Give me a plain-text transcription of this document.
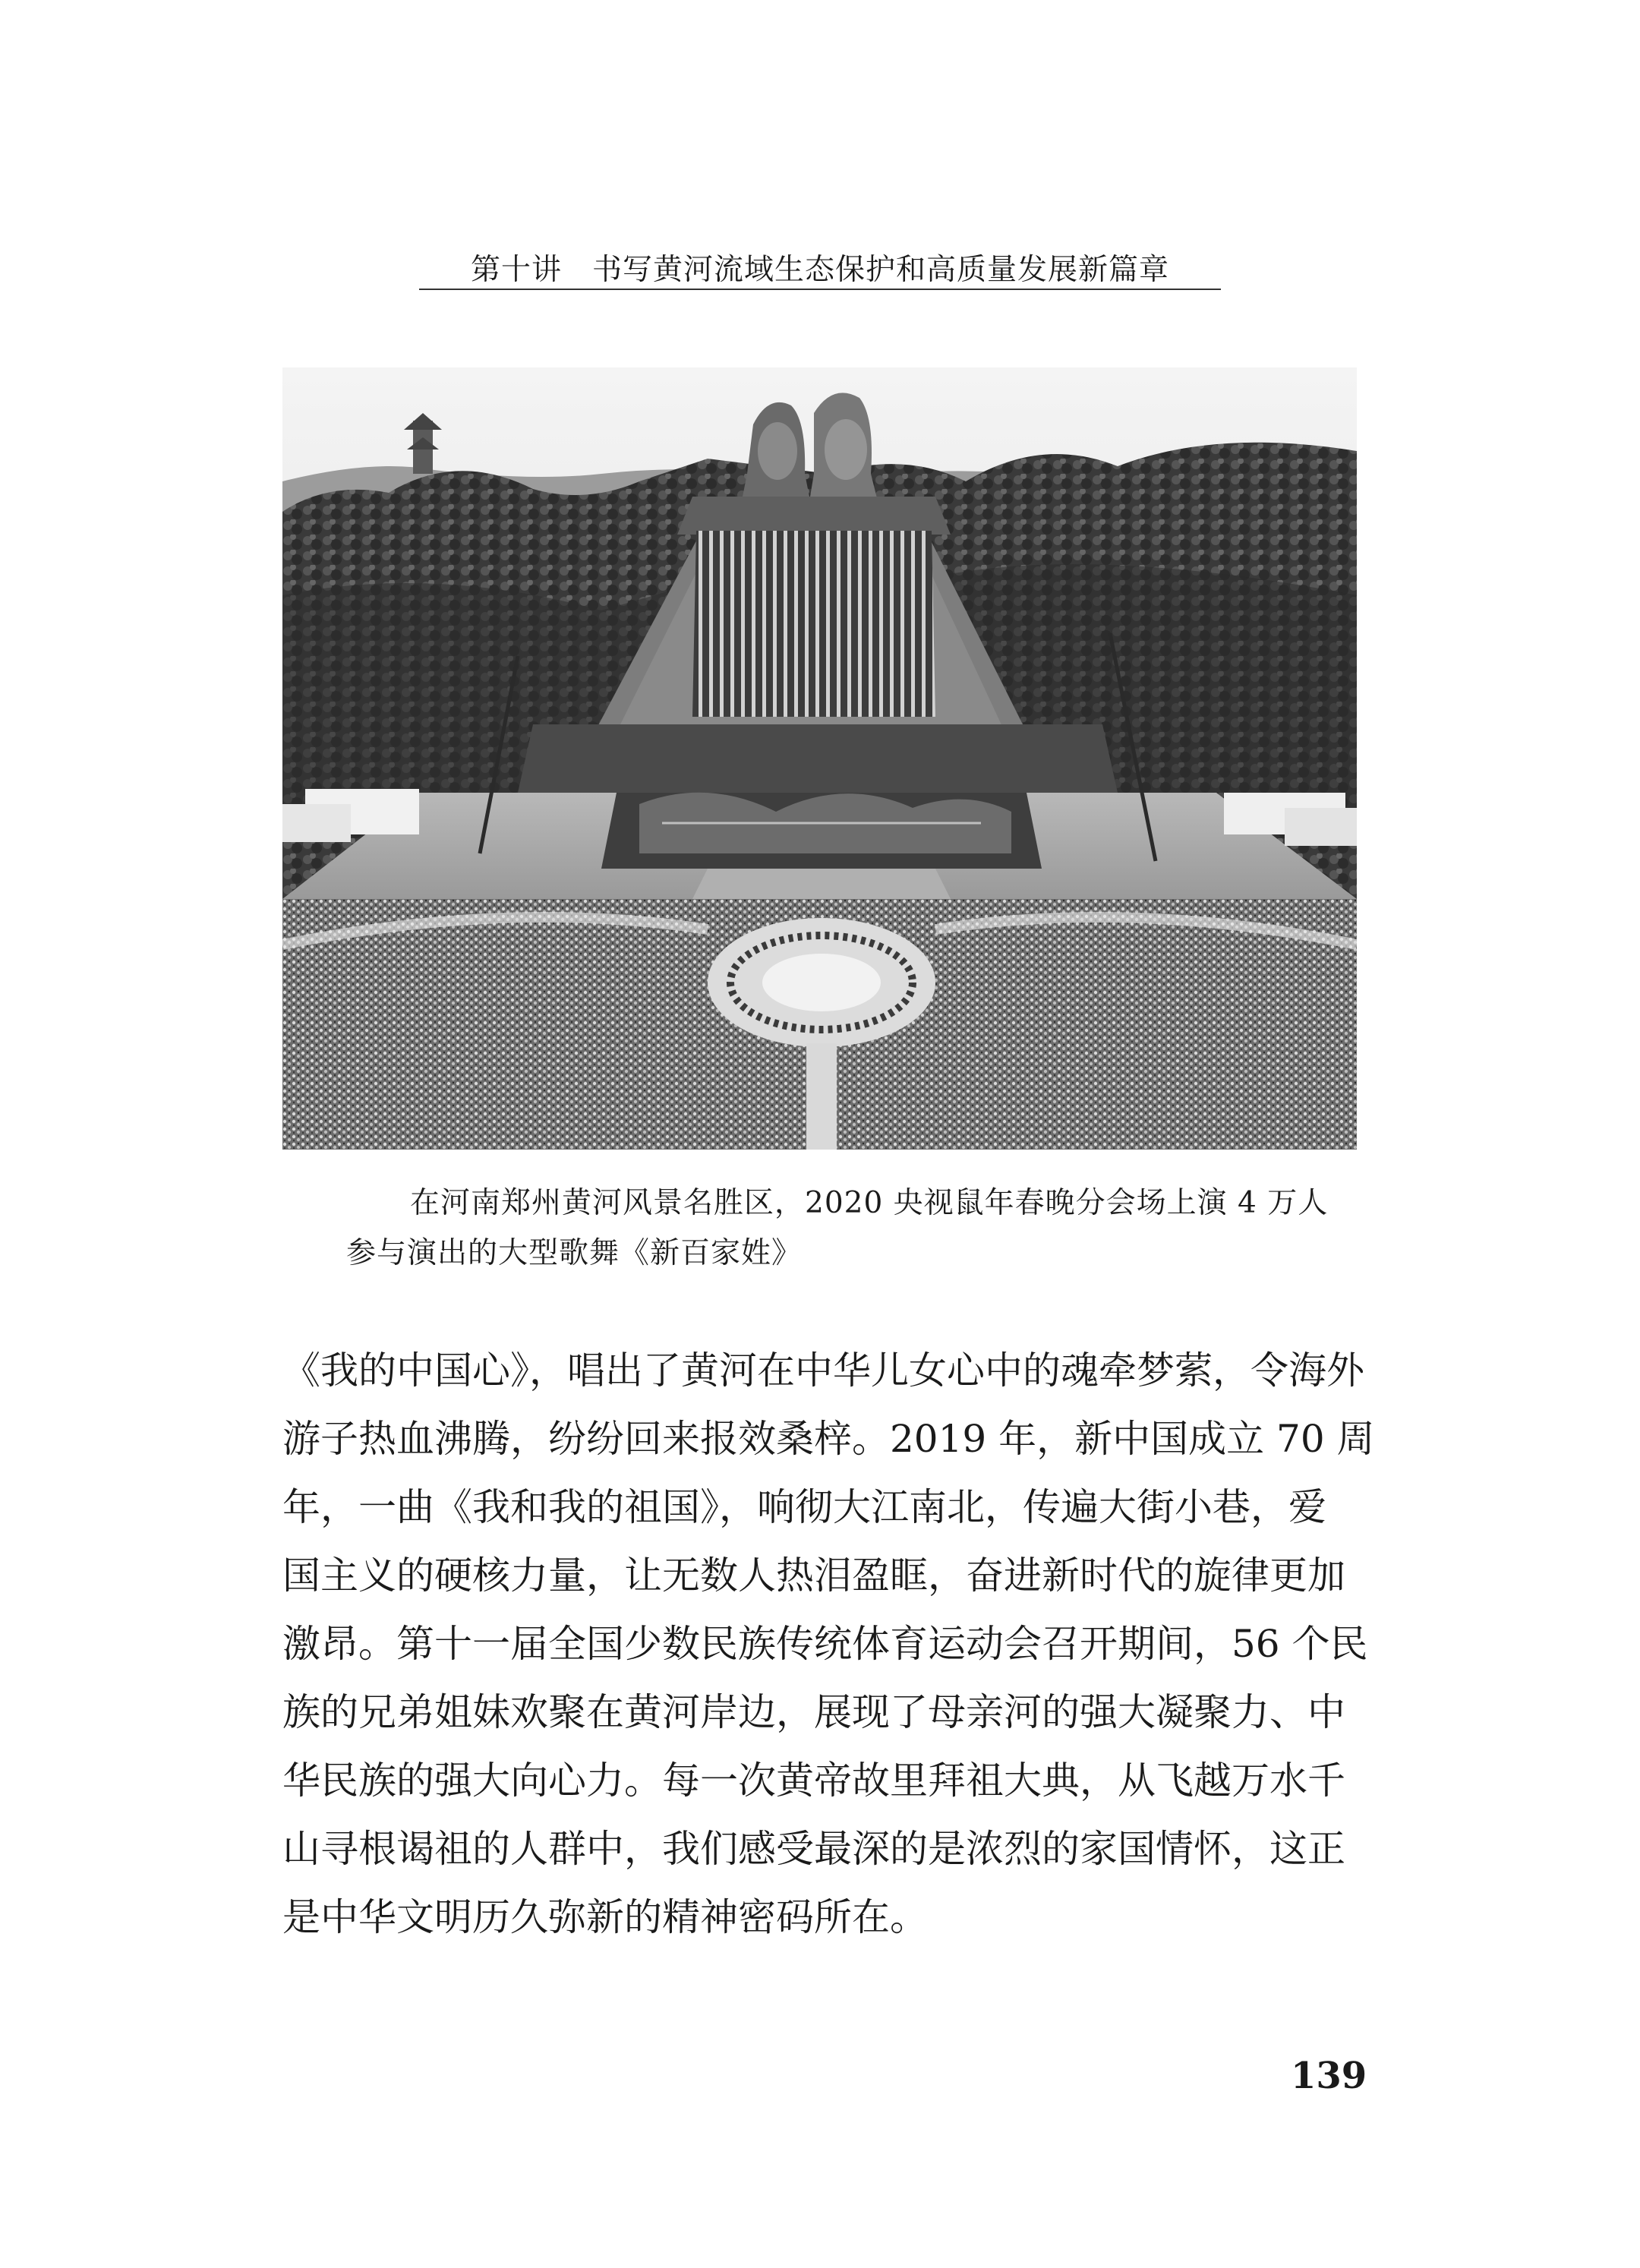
第十讲　书写黄河流域生态保护和高质量发展新篇章
在河南郑州黄河风景名胜区，2020 央视鼠年春晚分会场上演 4 万人
参与演出的大型歌舞《新百家姓》
《我的中国心》，唱出了黄河在中华儿女心中的魂牵梦萦，令海外
游子热血沸腾，纷纷回来报效桑梓。2019 年，新中国成立 70 周
年，一曲《我和我的祖国》，响彻大江南北，传遍大街小巷，爱
国主义的硬核力量，让无数人热泪盈眶，奋进新时代的旋律更加
激昂。第十一届全国少数民族传统体育运动会召开期间，56 个民
族的兄弟姐妹欢聚在黄河岸边，展现了母亲河的强大凝聚力、中
华民族的强大向心力。每一次黄帝故里拜祖大典，从飞越万水千
山寻根谒祖的人群中，我们感受最深的是浓烈的家国情怀，这正
是中华文明历久弥新的精神密码所在。
139
